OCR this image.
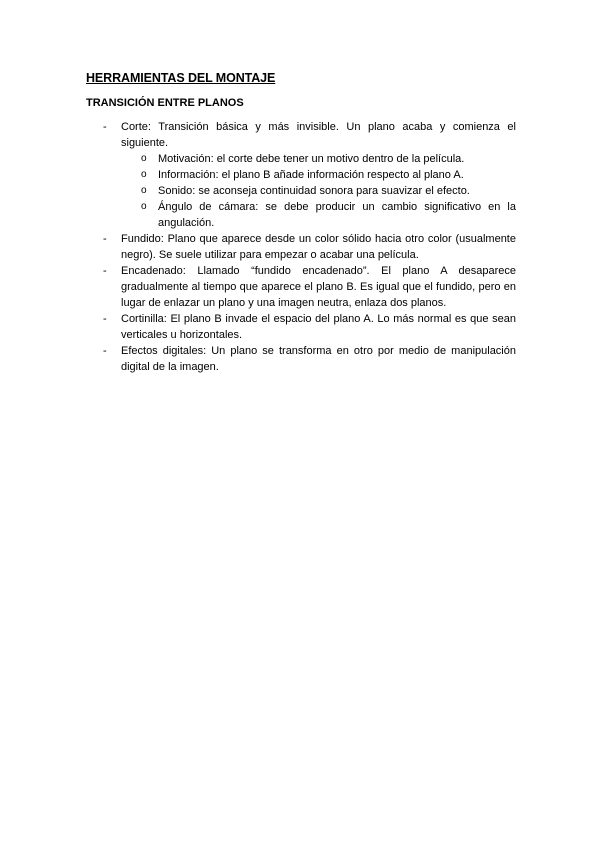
HERRAMIENTAS DEL MONTAJE
TRANSICIÓN ENTRE PLANOS
- Corte: Transición básica y más invisible. Un plano acaba y comienza el siguiente.
o Motivación: el corte debe tener un motivo dentro de la película.
o Información: el plano B añade información respecto al plano A.
o Sonido: se aconseja continuidad sonora para suavizar el efecto.
o Ángulo de cámara: se debe producir un cambio significativo en la angulación.
- Fundido: Plano que aparece desde un color sólido hacia otro color (usualmente negro). Se suele utilizar para empezar o acabar una película.
- Encadenado: Llamado “fundido encadenado”. El plano A desaparece gradualmente al tiempo que aparece el plano B. Es igual que el fundido, pero en lugar de enlazar un plano y una imagen neutra, enlaza dos planos.
- Cortinilla: El plano B invade el espacio del plano A. Lo más normal es que sean verticales u horizontales.
- Efectos digitales: Un plano se transforma en otro por medio de manipulación digital de la imagen.
